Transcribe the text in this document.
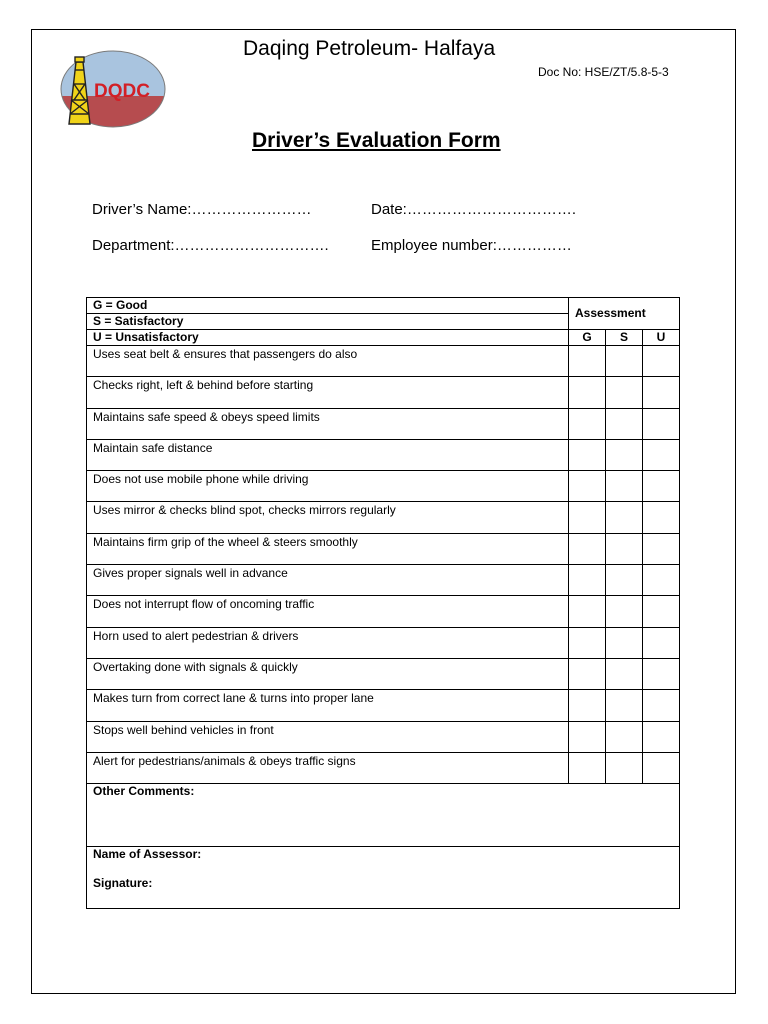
DQDC
Daqing Petroleum- Halfaya
Doc No: HSE/ZT/5.8-5-3
Driver’s Evaluation Form
Driver’s Name:……………………	Date:…………………………….
Department:………………………….	Employee number:……………
G = Good	Assessment		
S = Satisfactory			
U = Unsatisfactory	G	S	U
Uses seat belt & ensures that passengers do also			
Checks right, left & behind before starting			
Maintains safe speed & obeys speed limits			
Maintain safe distance			
Does not use mobile phone while driving			
Uses mirror & checks blind spot, checks mirrors regularly			
Maintains firm grip of the wheel & steers smoothly			
Gives proper signals well in advance			
Does not interrupt flow of oncoming traffic			
Horn used to alert pedestrian & drivers			
Overtaking done with signals & quickly			
Makes turn from correct lane & turns into proper lane			
Stops well behind vehicles in front			
Alert for pedestrians/animals & obeys traffic signs			
Other Comments:			
Name of Assessor:
Signature:			
